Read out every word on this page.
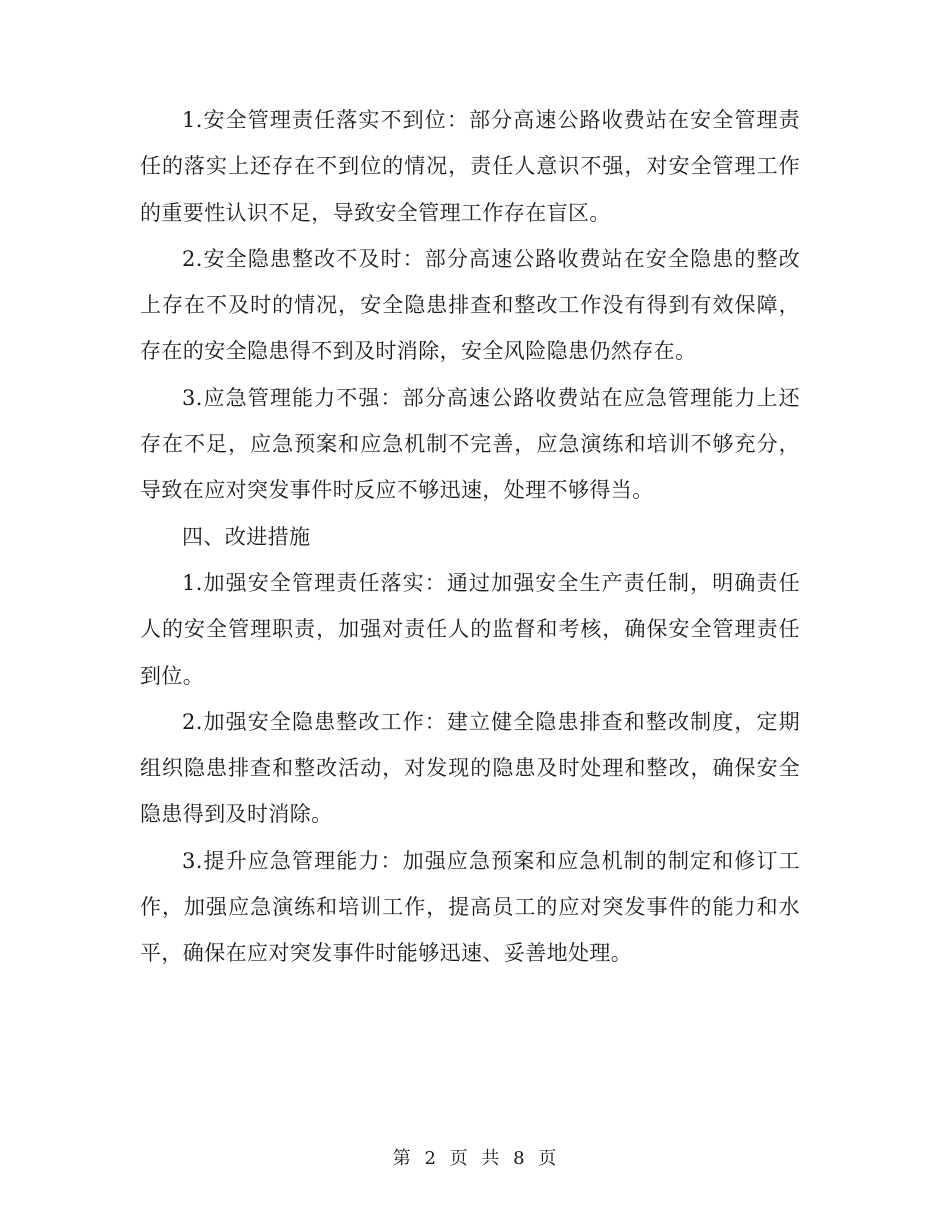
1.安全管理责任落实不到位：部分高速公路收费站在安全管理责任的落实上还存在不到位的情况，责任人意识不强，对安全管理工作的重要性认识不足，导致安全管理工作存在盲区。

2.安全隐患整改不及时：部分高速公路收费站在安全隐患的整改上存在不及时的情况，安全隐患排查和整改工作没有得到有效保障，存在的安全隐患得不到及时消除，安全风险隐患仍然存在。

3.应急管理能力不强：部分高速公路收费站在应急管理能力上还存在不足，应急预案和应急机制不完善，应急演练和培训不够充分，导致在应对突发事件时反应不够迅速，处理不够得当。

四、改进措施

1.加强安全管理责任落实：通过加强安全生产责任制，明确责任人的安全管理职责，加强对责任人的监督和考核，确保安全管理责任到位。

2.加强安全隐患整改工作：建立健全隐患排查和整改制度，定期组织隐患排查和整改活动，对发现的隐患及时处理和整改，确保安全隐患得到及时消除。

3.提升应急管理能力：加强应急预案和应急机制的制定和修订工作，加强应急演练和培训工作，提高员工的应对突发事件的能力和水平，确保在应对突发事件时能够迅速、妥善地处理。

第 2 页 共 8 页
